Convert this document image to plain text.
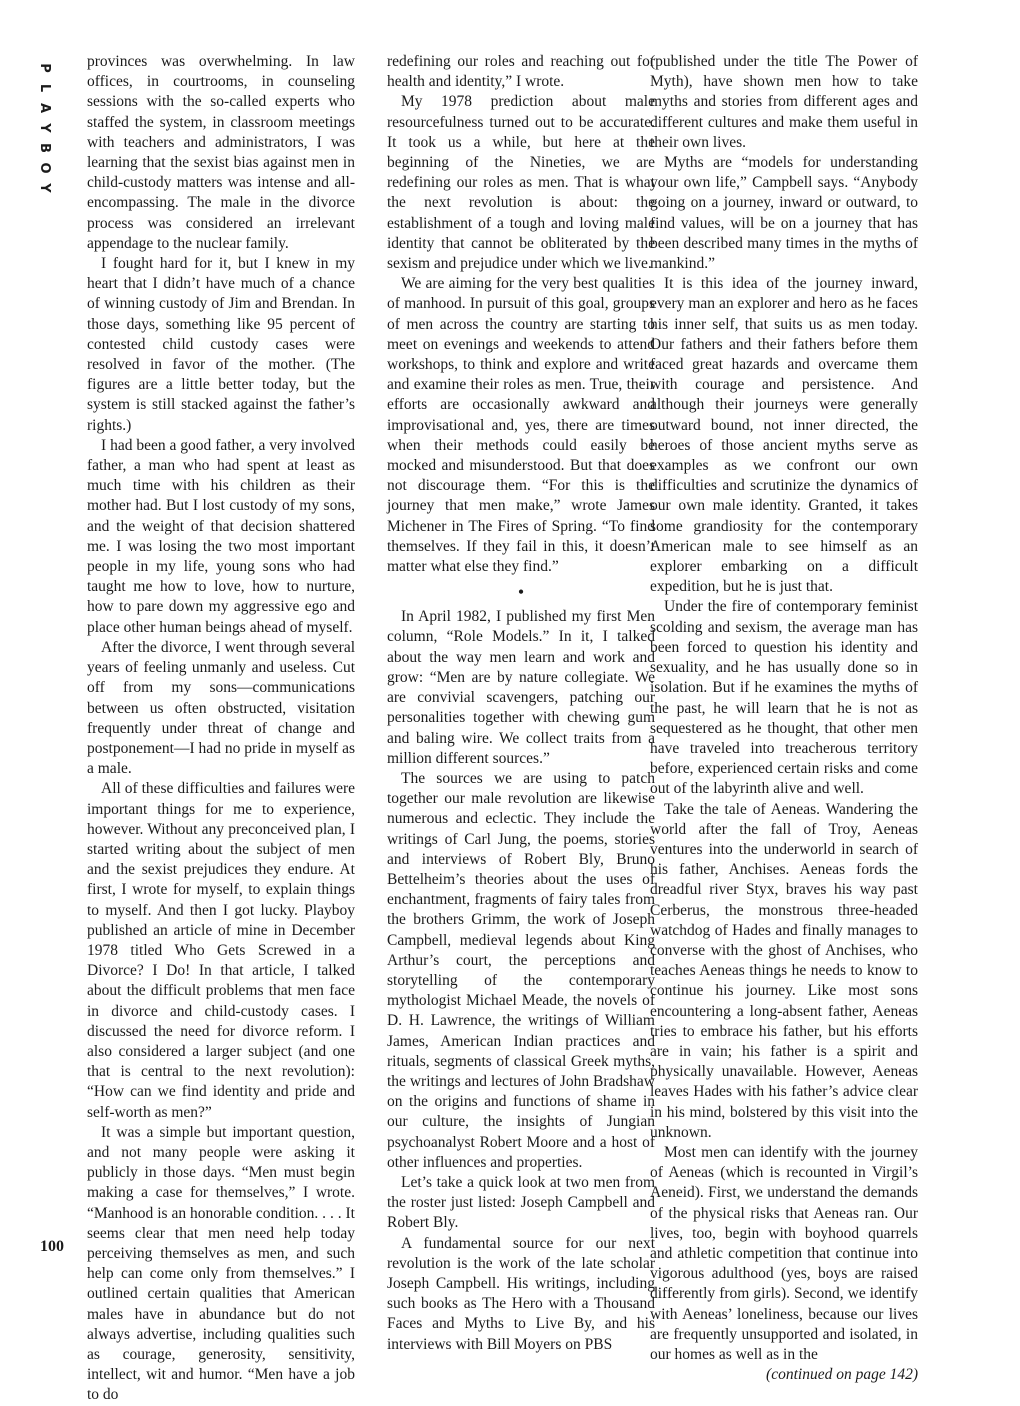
P
L
A
Y
B
O
Y
100

provinces was overwhelming. In law offices, in courtrooms, in counseling sessions with the so-called experts who staffed the system, in classroom meetings with teachers and administrators, I was learning that the sexist bias against men in child-custody matters was intense and all-encompassing. The male in the divorce process was considered an irrelevant appendage to the nuclear family.

I fought hard for it, but I knew in my heart that I didn’t have much of a chance of winning custody of Jim and Brendan. In those days, something like 95 percent of contested child custody cases were resolved in favor of the mother. (The figures are a little better today, but the system is still stacked against the father’s rights.)

I had been a good father, a very involved father, a man who had spent at least as much time with his children as their mother had. But I lost custody of my sons, and the weight of that decision shattered me. I was losing the two most important people in my life, young sons who had taught me how to love, how to nurture, how to pare down my aggressive ego and place other human beings ahead of myself.

After the divorce, I went through several years of feeling unmanly and useless. Cut off from my sons—communications between us often obstructed, visitation frequently under threat of change and postponement—I had no pride in myself as a male.

All of these difficulties and failures were important things for me to experience, however. Without any preconceived plan, I started writing about the subject of men and the sexist prejudices they endure. At first, I wrote for myself, to explain things to myself. And then I got lucky. Playboy published an article of mine in December 1978 titled Who Gets Screwed in a Divorce? I Do! In that article, I talked about the difficult problems that men face in divorce and child-custody cases. I discussed the need for divorce reform. I also considered a larger subject (and one that is central to the next revolution): “How can we find identity and pride and self-worth as men?”

It was a simple but important question, and not many people were asking it publicly in those days. “Men must begin making a case for themselves,” I wrote. “Manhood is an honorable condition. . . . It seems clear that men need help today perceiving themselves as men, and such help can come only from themselves.” I outlined certain qualities that American males have in abundance but do not always advertise, including qualities such as courage, generosity, sensitivity, intellect, wit and humor. “Men have a job to do

redefining our roles and reaching out for health and identity,” I wrote.

My 1978 prediction about male resourcefulness turned out to be accurate. It took us a while, but here at the beginning of the Nineties, we are redefining our roles as men. That is what the next revolution is about: the establishment of a tough and loving male identity that cannot be obliterated by the sexism and prejudice under which we live.

We are aiming for the very best qualities of manhood. In pursuit of this goal, groups of men across the country are starting to meet on evenings and weekends to attend workshops, to think and explore and write and examine their roles as men. True, their efforts are occasionally awkward and improvisational and, yes, there are times when their methods could easily be mocked and misunderstood. But that does not discourage them. “For this is the journey that men make,” wrote James Michener in The Fires of Spring. “To find themselves. If they fail in this, it doesn’t matter what else they find.”

•

In April 1982, I published my first Men column, “Role Models.” In it, I talked about the way men learn and work and grow: “Men are by nature collegiate. We are convivial scavengers, patching our personalities together with chewing gum and baling wire. We collect traits from a million different sources.”

The sources we are using to patch together our male revolution are likewise numerous and eclectic. They include the writings of Carl Jung, the poems, stories and interviews of Robert Bly, Bruno Bettelheim’s theories about the uses of enchantment, fragments of fairy tales from the brothers Grimm, the work of Joseph Campbell, medieval legends about King Arthur’s court, the perceptions and storytelling of the contemporary mythologist Michael Meade, the novels of D. H. Lawrence, the writings of William James, American Indian practices and rituals, segments of classical Greek myths, the writings and lectures of John Bradshaw on the origins and functions of shame in our culture, the insights of Jungian psychoanalyst Robert Moore and a host of other influences and properties.

Let’s take a quick look at two men from the roster just listed: Joseph Campbell and Robert Bly.

A fundamental source for our next revolution is the work of the late scholar Joseph Campbell. His writings, including such books as The Hero with a Thousand Faces and Myths to Live By, and his interviews with Bill Moyers on PBS

(published under the title The Power of Myth), have shown men how to take myths and stories from different ages and different cultures and make them useful in their own lives.

Myths are “models for understanding your own life,” Campbell says. “Anybody going on a journey, inward or outward, to find values, will be on a journey that has been described many times in the myths of mankind.”

It is this idea of the journey inward, every man an explorer and hero as he faces his inner self, that suits us as men today. Our fathers and their fathers before them faced great hazards and overcame them with courage and persistence. And although their journeys were generally outward bound, not inner directed, the heroes of those ancient myths serve as examples as we confront our own difficulties and scrutinize the dynamics of our own male identity. Granted, it takes some grandiosity for the contemporary American male to see himself as an explorer embarking on a difficult expedition, but he is just that.

Under the fire of contemporary feminist scolding and sexism, the average man has been forced to question his identity and sexuality, and he has usually done so in isolation. But if he examines the myths of the past, he will learn that he is not as sequestered as he thought, that other men have traveled into treacherous territory before, experienced certain risks and come out of the labyrinth alive and well.

Take the tale of Aeneas. Wandering the world after the fall of Troy, Aeneas ventures into the underworld in search of his father, Anchises. Aeneas fords the dreadful river Styx, braves his way past Cerberus, the monstrous three-headed watchdog of Hades and finally manages to converse with the ghost of Anchises, who teaches Aeneas things he needs to know to continue his journey. Like most sons encountering a long-absent father, Aeneas tries to embrace his father, but his efforts are in vain; his father is a spirit and physically unavailable. However, Aeneas leaves Hades with his father’s advice clear in his mind, bolstered by this visit into the unknown.

Most men can identify with the journey of Aeneas (which is recounted in Virgil’s Aeneid). First, we understand the demands of the physical risks that Aeneas ran. Our lives, too, begin with boyhood quarrels and athletic competition that continue into vigorous adulthood (yes, boys are raised differently from girls). Second, we identify with Aeneas’ loneliness, because our lives are frequently unsupported and isolated, in our homes as well as in the

(continued on page 142)
